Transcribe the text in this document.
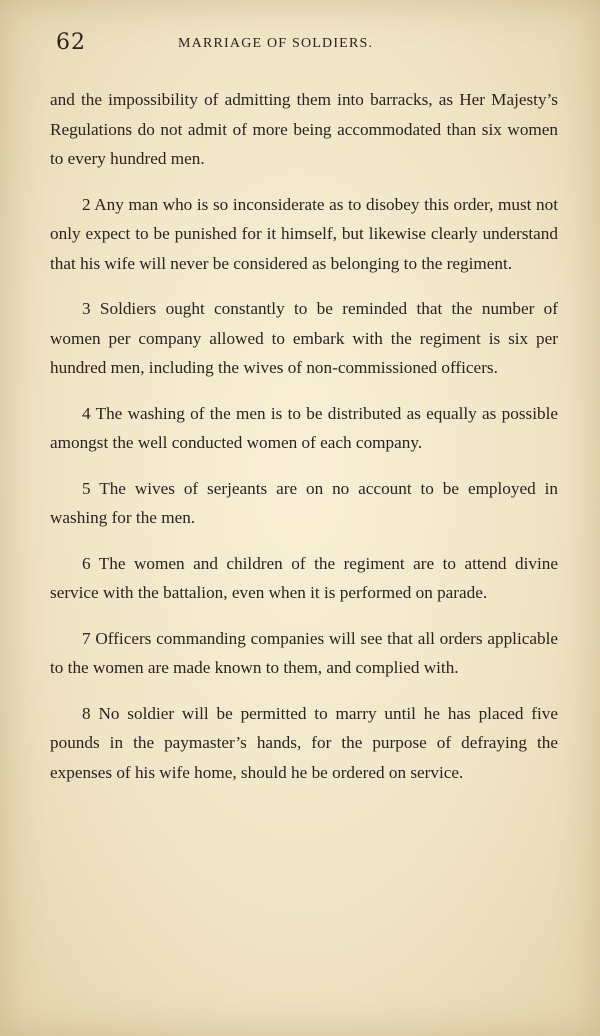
62	MARRIAGE OF SOLDIERS.

and the impossibility of admitting them into barracks, as Her Majesty’s Regulations do not admit of more being accommodated than six women to every hundred men.

2 Any man who is so inconsiderate as to disobey this order, must not only expect to be punished for it himself, but likewise clearly understand that his wife will never be considered as belonging to the regiment.

3 Soldiers ought constantly to be reminded that the number of women per company allowed to embark with the regiment is six per hundred men, including the wives of non-commissioned officers.

4 The washing of the men is to be distributed as equally as possible amongst the well conducted women of each company.

5 The wives of serjeants are on no account to be employed in washing for the men.

6 The women and children of the regiment are to attend divine service with the battalion, even when it is performed on parade.

7 Officers commanding companies will see that all orders applicable to the women are made known to them, and complied with.

8 No soldier will be permitted to marry until he has placed five pounds in the paymaster’s hands, for the purpose of defraying the expenses of his wife home, should he be ordered on service.
